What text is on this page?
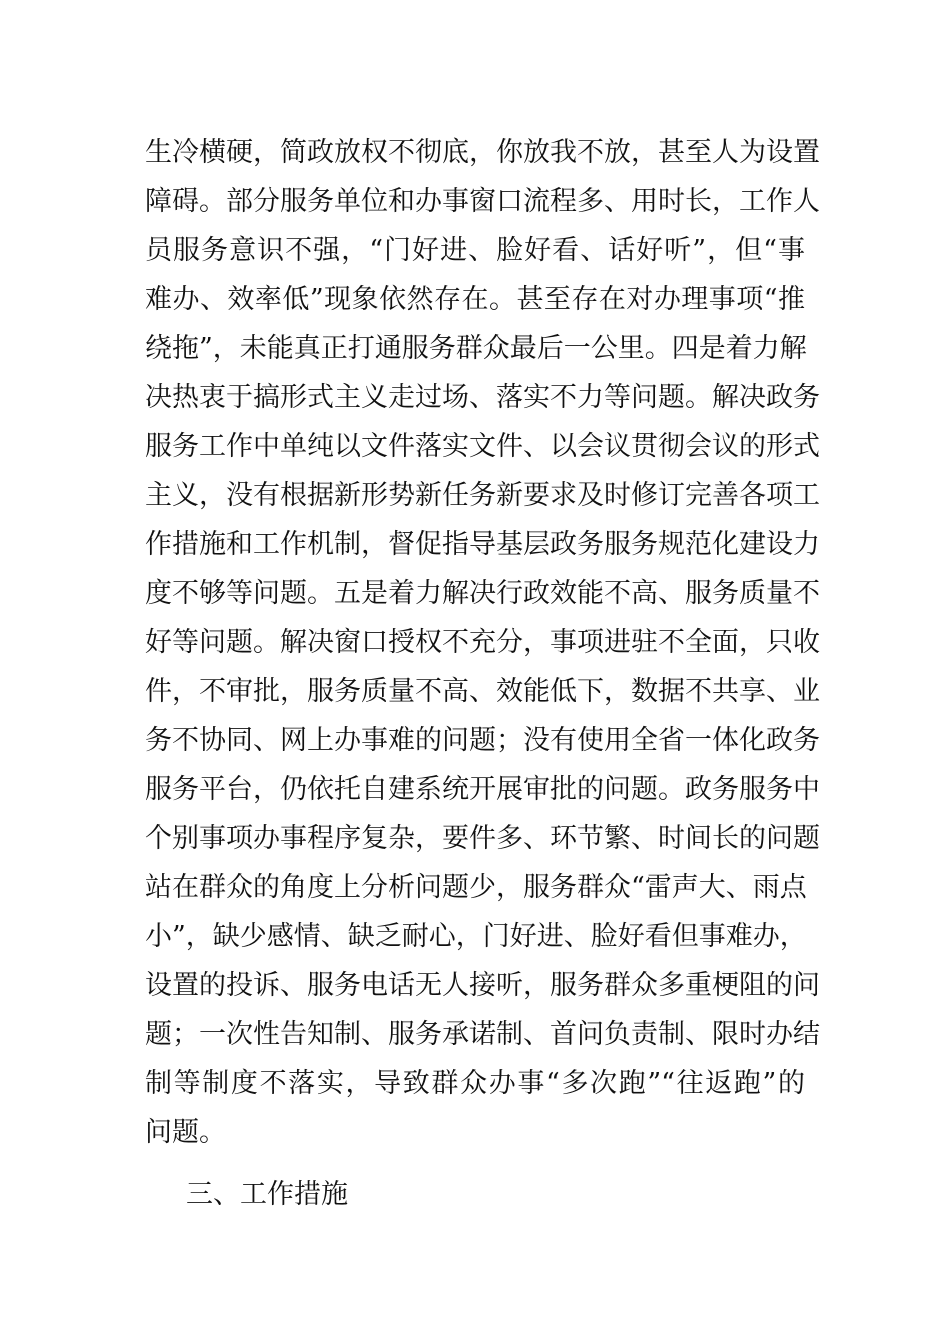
生冷横硬，简政放权不彻底，你放我不放，甚至人为设置

障碍。部分服务单位和办事窗口流程多、用时长，工作人

员服务意识不强，“门好进、脸好看、话好听”，但“事

难办、效率低”现象依然存在。甚至存在对办理事项“推

绕拖”，未能真正打通服务群众最后一公里。四是着力解

决热衷于搞形式主义走过场、落实不力等问题。解决政务

服务工作中单纯以文件落实文件、以会议贯彻会议的形式

主义，没有根据新形势新任务新要求及时修订完善各项工

作措施和工作机制，督促指导基层政务服务规范化建设力

度不够等问题。五是着力解决行政效能不高、服务质量不

好等问题。解决窗口授权不充分，事项进驻不全面，只收

件，不审批，服务质量不高、效能低下，数据不共享、业

务不协同、网上办事难的问题；没有使用全省一体化政务

服务平台，仍依托自建系统开展审批的问题。政务服务中

个别事项办事程序复杂，要件多、环节繁、时间长的问题

站在群众的角度上分析问题少，服务群众“雷声大、雨点

小”，缺少感情、缺乏耐心，门好进、脸好看但事难办，

设置的投诉、服务电话无人接听，服务群众多重梗阻的问

题；一次性告知制、服务承诺制、首问负责制、限时办结

制等制度不落实，导致群众办事“多次跑”“往返跑”的

问题。

三、工作措施
